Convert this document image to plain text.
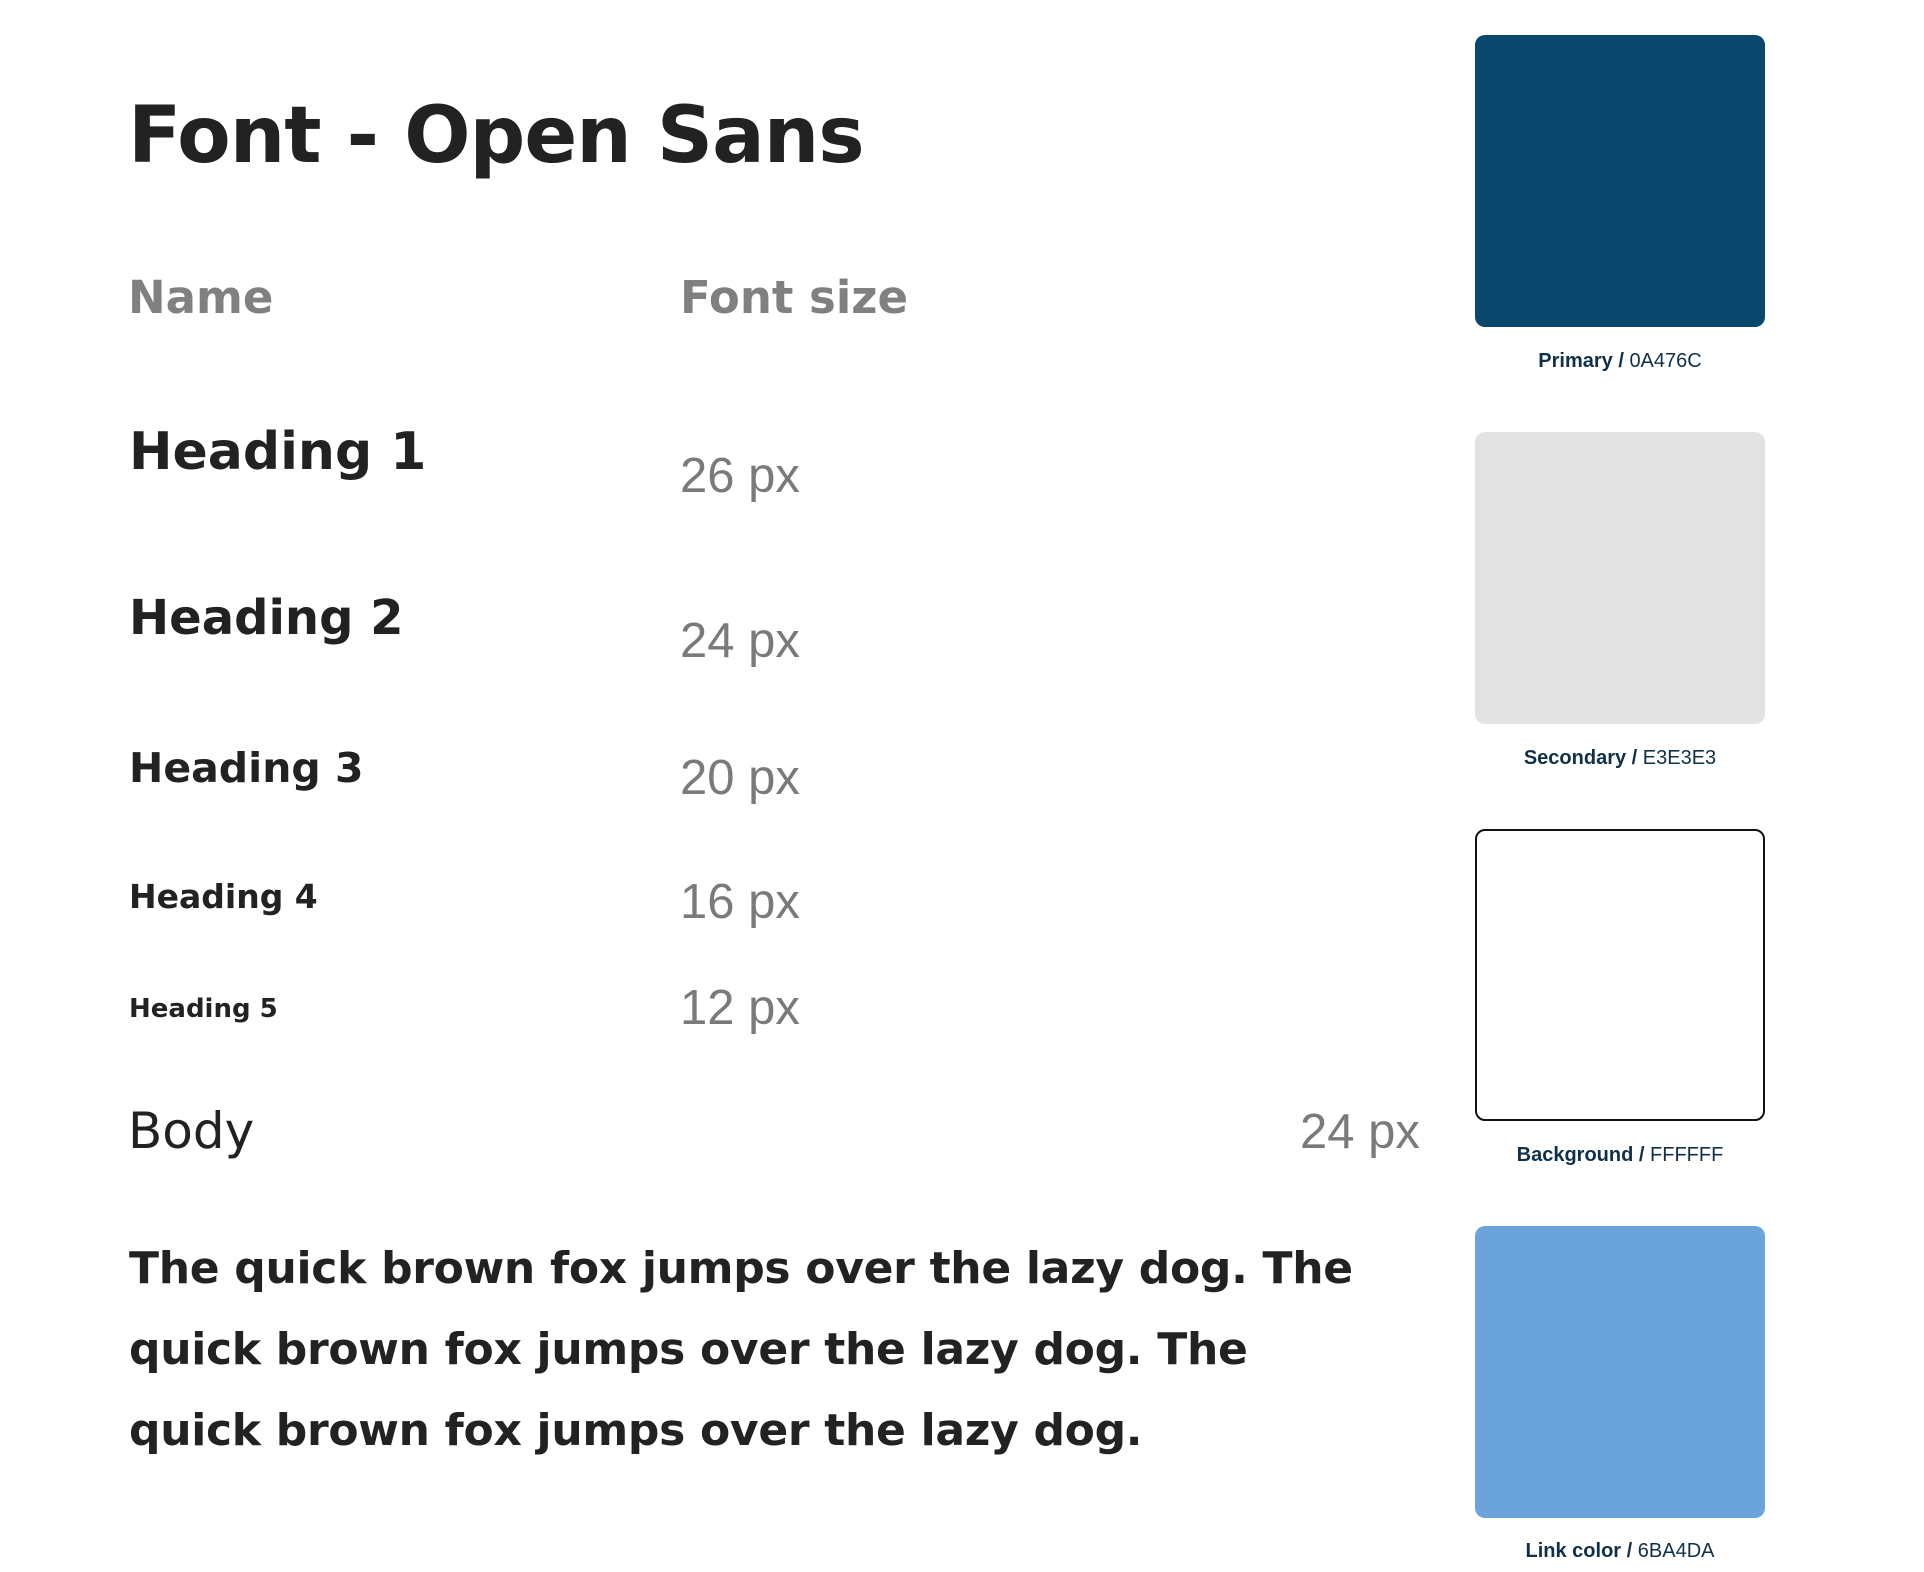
Font - Open Sans
Name	Font size
Heading 1	26 px
Heading 2	24 px
Heading 3	20 px
Heading 4	16 px
Heading 5	12 px
Body	24 px
The quick brown fox jumps over the lazy dog. The quick brown fox jumps over the lazy dog. The quick brown fox jumps over the lazy dog.
Primary / 0A476C
Secondary / E3E3E3
Background / FFFFFF
Link color / 6BA4DA
